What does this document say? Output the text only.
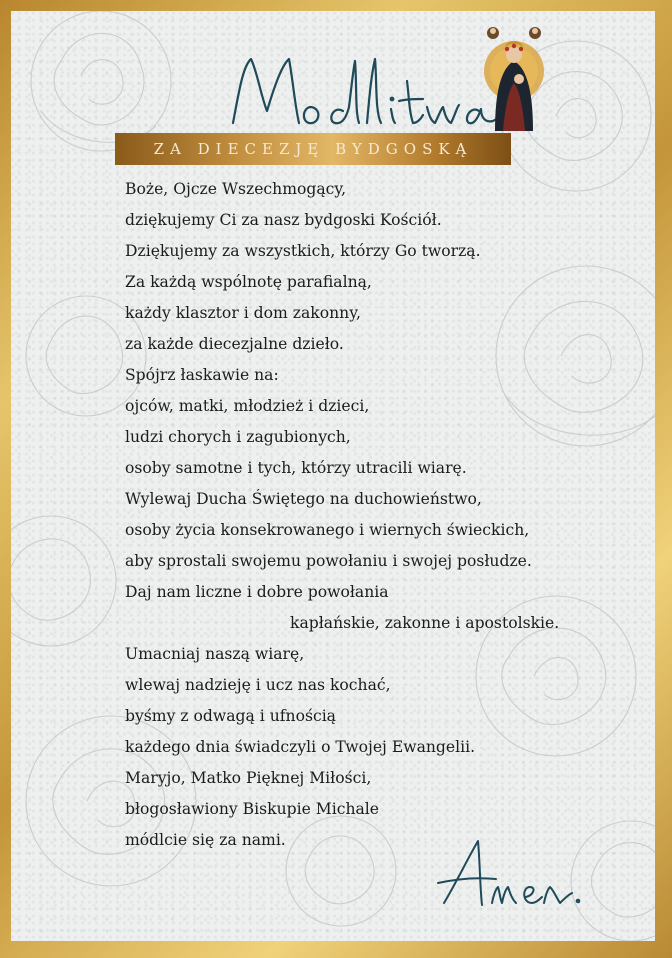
Modlitwa
ZA DIECEZJĘ BYDGOSKĄ
Boże, Ojcze Wszechmogący,
dziękujemy Ci za nasz bydgoski Kościół.
Dziękujemy za wszystkich, którzy Go tworzą.
Za każdą wspólnotę parafialną,
każdy klasztor i dom zakonny,
za każde diecezjalne dzieło.
Spójrz łaskawie na:
ojców, matki, młodzież i dzieci,
ludzi chorych i zagubionych,
osoby samotne i tych, którzy utracili wiarę.
Wylewaj Ducha Świętego na duchowieństwo,
osoby życia konsekrowanego i wiernych świeckich,
aby sprostali swojemu powołaniu i swojej posłudze.
Daj nam liczne i dobre powołania
kapłańskie, zakonne i apostolskie.
Umacniaj naszą wiarę,
wlewaj nadzieję i ucz nas kochać,
byśmy z odwagą i ufnością
każdego dnia świadczyli o Twojej Ewangelii.
Maryjo, Matko Pięknej Miłości,
błogosławiony Biskupie Michale
módlcie się za nami.	Amen.
